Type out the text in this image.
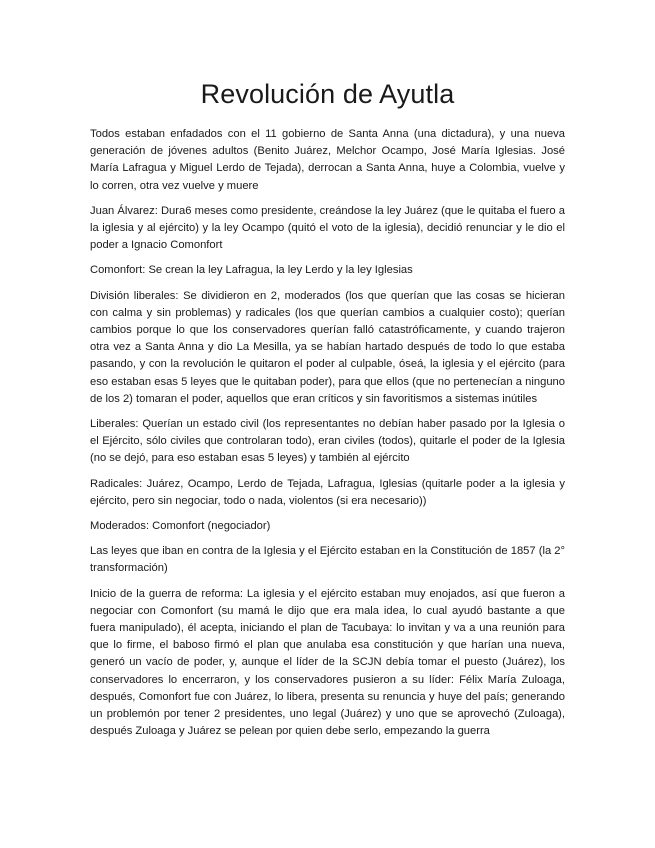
Revolución de Ayutla

Todos estaban enfadados con el 11 gobierno de Santa Anna (una dictadura), y una nueva generación de jóvenes adultos (Benito Juárez, Melchor Ocampo, José María Iglesias. José María Lafragua y Miguel Lerdo de Tejada), derrocan a Santa Anna, huye a Colombia, vuelve y lo corren, otra vez vuelve y muere

Juan Álvarez: Dura6 meses como presidente, creándose la ley Juárez (que le quitaba el fuero a la iglesia y al ejército) y la ley Ocampo (quitó el voto de la iglesia), decidió renunciar y le dio el poder a Ignacio Comonfort

Comonfort: Se crean la ley Lafragua, la ley Lerdo y la ley Iglesias

División liberales: Se dividieron en 2, moderados (los que querían que las cosas se hicieran con calma y sin problemas) y radicales (los que querían cambios a cualquier costo); querían cambios porque lo que los conservadores querían falló catastróficamente, y cuando trajeron otra vez a Santa Anna y dio La Mesilla, ya se habían hartado después de todo lo que estaba pasando, y con la revolución le quitaron el poder al culpable, óseá, la iglesia y el ejército (para eso estaban esas 5 leyes que le quitaban poder), para que ellos (que no pertenecían a ninguno de los 2) tomaran el poder, aquellos que eran críticos y sin favoritismos a sistemas inútiles

Liberales: Querían un estado civil (los representantes no debían haber pasado por la Iglesia o el Ejército, sólo civiles que controlaran todo), eran civiles (todos), quitarle el poder de la Iglesia (no se dejó, para eso estaban esas 5 leyes) y también al ejército

Radicales: Juárez, Ocampo, Lerdo de Tejada, Lafragua, Iglesias (quitarle poder a la iglesia y ejército, pero sin negociar, todo o nada, violentos (si era necesario))

Moderados: Comonfort (negociador)

Las leyes que iban en contra de la Iglesia y el Ejército estaban en la Constitución de 1857 (la 2° transformación)

Inicio de la guerra de reforma: La iglesia y el ejército estaban muy enojados, así que fueron a negociar con Comonfort (su mamá le dijo que era mala idea, lo cual ayudó bastante a que fuera manipulado), él acepta, iniciando el plan de Tacubaya: lo invitan y va a una reunión para que lo firme, el baboso firmó el plan que anulaba esa constitución y que harían una nueva, generó un vacío de poder, y, aunque el líder de la SCJN debía tomar el puesto (Juárez), los conservadores lo encerraron, y los conservadores pusieron a su líder: Félix María Zuloaga, después, Comonfort fue con Juárez, lo libera, presenta su renuncia y huye del país; generando un problemón por tener 2 presidentes, uno legal (Juárez) y uno que se aprovechó (Zuloaga), después Zuloaga y Juárez se pelean por quien debe serlo, empezando la guerra
